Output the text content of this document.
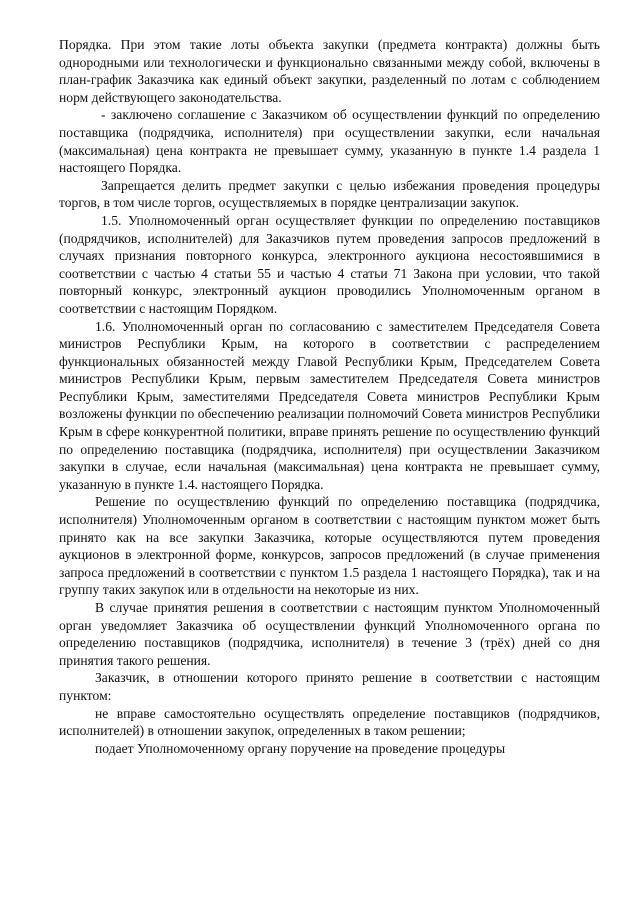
Порядка. При этом такие лоты объекта закупки (предмета контракта) должны быть однородными или технологически и функционально связанными между собой, включены в план-график Заказчика как единый объект закупки, разделенный по лотам с соблюдением норм действующего законодательства.

- заключено соглашение с Заказчиком об осуществлении функций по определению поставщика (подрядчика, исполнителя) при осуществлении закупки, если начальная (максимальная) цена контракта не превышает сумму, указанную в пункте 1.4 раздела 1 настоящего Порядка.

Запрещается делить предмет закупки с целью избежания проведения процедуры торгов, в том числе торгов, осуществляемых в порядке централизации закупок.

1.5. Уполномоченный орган осуществляет функции по определению поставщиков (подрядчиков, исполнителей) для Заказчиков путем проведения запросов предложений в случаях признания повторного конкурса, электронного аукциона несостоявшимися в соответствии с частью 4 статьи 55 и частью 4 статьи 71 Закона при условии, что такой повторный конкурс, электронный аукцион проводились Уполномоченным органом в соответствии с настоящим Порядком.

1.6. Уполномоченный орган по согласованию с заместителем Председателя Совета министров Республики Крым, на которого в соответствии с распределением функциональных обязанностей между Главой Республики Крым, Председателем Совета министров Республики Крым, первым заместителем Председателя Совета министров Республики Крым, заместителями Председателя Совета министров Республики Крым возложены функции по обеспечению реализации полномочий Совета министров Республики Крым в сфере конкурентной политики, вправе принять решение по осуществлению функций по определению поставщика (подрядчика, исполнителя) при осуществлении Заказчиком закупки в случае, если начальная (максимальная) цена контракта не превышает сумму, указанную в пункте 1.4. настоящего Порядка.

Решение по осуществлению функций по определению поставщика (подрядчика, исполнителя) Уполномоченным органом в соответствии с настоящим пунктом может быть принято как на все закупки Заказчика, которые осуществляются путем проведения аукционов в электронной форме, конкурсов, запросов предложений (в случае применения запроса предложений в соответствии с пунктом 1.5 раздела 1 настоящего Порядка), так и на группу таких закупок или в отдельности на некоторые из них.

В случае принятия решения в соответствии с настоящим пунктом Уполномоченный орган уведомляет Заказчика об осуществлении функций Уполномоченного органа по определению поставщиков (подрядчика, исполнителя) в течение 3 (трёх) дней со дня принятия такого решения.

Заказчик, в отношении которого принято решение в соответствии с настоящим пунктом:

не вправе самостоятельно осуществлять определение поставщиков (подрядчиков, исполнителей) в отношении закупок, определенных в таком решении;

подает Уполномоченному органу поручение на проведение процедуры
